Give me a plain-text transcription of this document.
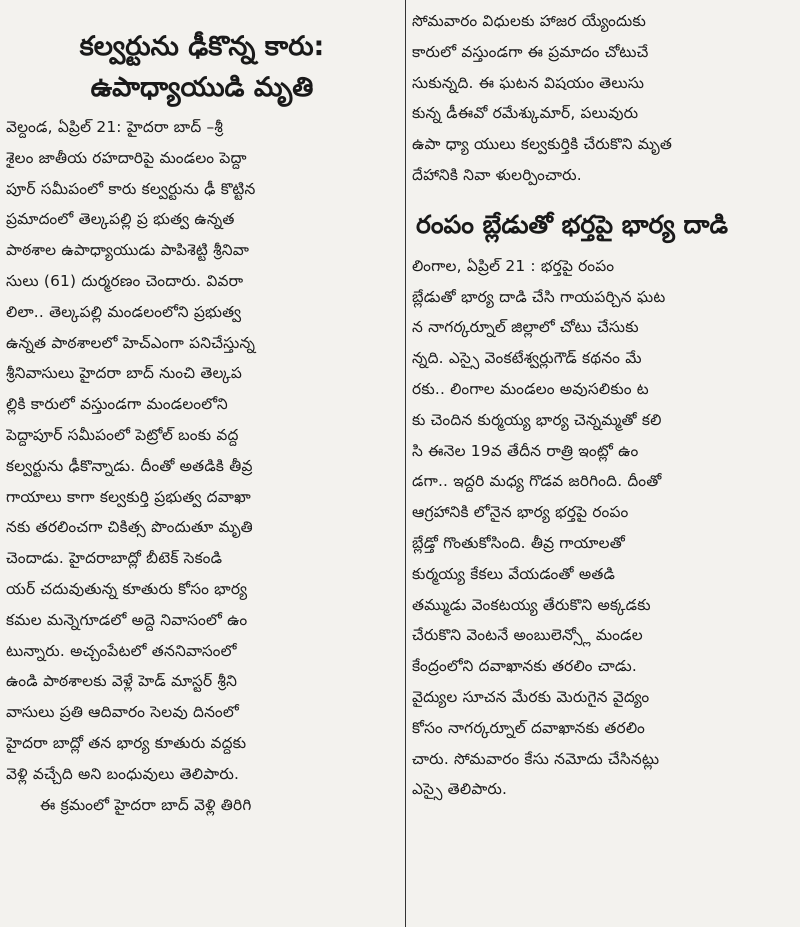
కల్వర్టును ఢీకొన్న కారు:
ఉపాధ్యాయుడి మృతి
వెల్దండ, ఏప్రిల్ 21: హైదరా బాద్ –శ్రీ
శైలం జాతీయ రహదారిపై మండలం పెద్దా
పూర్ సమీపంలో కారు కల్వర్టును ఢీ కొట్టిన
ప్రమాదంలో తెల్కపల్లి ప్ర భుత్వ ఉన్నత
పాఠశాల ఉపాధ్యాయుడు పాపిశెట్టి శ్రీనివా
సులు (61) దుర్మరణం చెందారు. వివరా
లిలా.. తెల్కపల్లి మండలంలోని ప్రభుత్వ
ఉన్నత పాఠశాలలో హెచ్ఎంగా పనిచేస్తున్న
శ్రీనివాసులు హైదరా బాద్ నుంచి తెల్కప
ల్లికి కారులో వస్తుండగా మండలంలోని
పెద్దాపూర్ సమీపంలో పెట్రోల్ బంకు వద్ద
కల్వర్టును ఢీకొన్నాడు. దీంతో అతడికి తీవ్ర
గాయాలు కాగా కల్వకుర్తి ప్రభుత్వ దవాఖా
నకు తరలించగా చికిత్స పొందుతూ మృతి
చెందాడు. హైదరాబాద్లో బీటెక్ సెకండి
యర్ చదువుతున్న కూతురు కోసం భార్య
కమల మన్నెగూడలో అద్దె నివాసంలో ఉం
టున్నారు. అచ్చంపేటలో తననివాసంలో
ఉండి పాఠశాలకు వెళ్లే హెడ్ మాస్టర్ శ్రీని
వాసులు ప్రతి ఆదివారం సెలవు దినంలో
హైదరా బాద్లో తన భార్య కూతురు వద్దకు
వెళ్లి వచ్చేది అని బంధువులు తెలిపారు.
ఈ క్రమంలో హైదరా బాద్ వెళ్లి తిరిగి
సోమవారం విధులకు హాజర య్యేందుకు
కారులో వస్తుండగా ఈ ప్రమాదం చోటుచే
సుకున్నది. ఈ ఘటన విషయం తెలుసు
కున్న డీఈవో రమేశ్కుమార్, పలువురు
ఉపా ధ్యా యులు కల్వకుర్తికి చేరుకొని మృత
దేహానికి నివా ళులర్పించారు.
రంపం బ్లేడుతో భర్తపై భార్య దాడి
లింగాల, ఏప్రిల్ 21 : భర్తపై రంపం
బ్లేడుతో భార్య దాడి చేసి గాయపర్చిన ఘట
న నాగర్కర్నూల్ జిల్లాలో చోటు చేసుకు
న్నది. ఎస్సై వెంకటేశ్వర్లుగౌడ్ కథనం మే
రకు.. లింగాల మండలం అవుసలికుం ట
కు చెందిన కుర్మయ్య భార్య చెన్నమ్మతో కలి
సి ఈనెల 19వ తేదీన రాత్రి ఇంట్లో ఉం
డగా.. ఇద్దరి మధ్య గొడవ జరిగింది. దీంతో
ఆగ్రహానికి లోనైన భార్య భర్తపై రంపం
బ్లేడ్తో గొంతుకోసింది. తీవ్ర గాయాలతో
కుర్మయ్య కేకలు వేయడంతో అతడి
తమ్ముడు వెంకటయ్య తేరుకొని అక్కడకు
చేరుకొని వెంటనే అంబులెన్స్లో మండల
కేంద్రంలోని దవాఖానకు తరలిం చాడు.
వైద్యుల సూచన మేరకు మెరుగైన వైద్యం
కోసం నాగర్కర్నూల్ దవాఖానకు తరలిం
చారు. సోమవారం కేసు నమోదు చేసినట్లు
ఎస్సై తెలిపారు.
